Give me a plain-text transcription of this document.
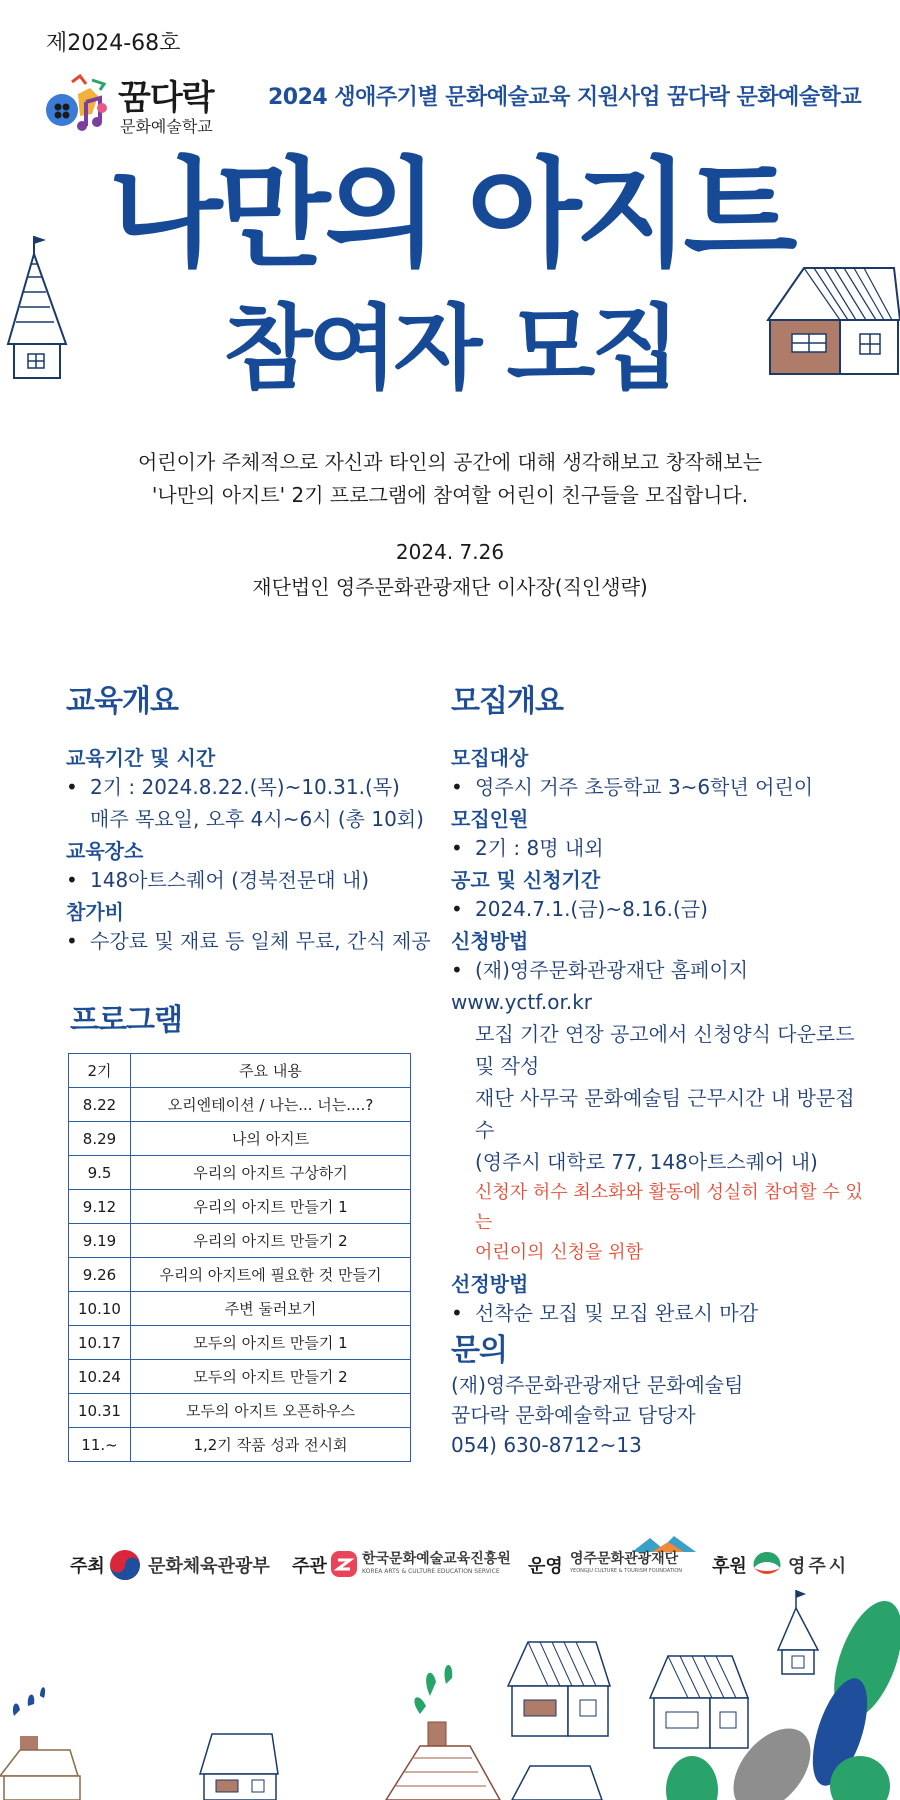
제2024-68호
꿈다락
문화예술학교
2024 생애주기별 문화예술교육 지원사업 꿈다락 문화예술학교
나만의 아지트
참여자 모집
어린이가 주체적으로 자신과 타인의 공간에 대해 생각해보고 창작해보는
'나만의 아지트' 2기 프로그램에 참여할 어린이 친구들을 모집합니다.
2024. 7.26
재단법인 영주문화관광재단 이사장(직인생략)
교육개요
교육기간 및 시간
• 2기 : 2024.8.22.(목)~10.31.(목)
매주 목요일, 오후 4시~6시 (총 10회)
교육장소
• 148아트스퀘어 (경북전문대 내)
참가비
• 수강료 및 재료 등 일체 무료, 간식 제공
프로그램
2기	주요 내용
8.22	오리엔테이션 / 나는... 너는....?
8.29	나의 아지트
9.5	우리의 아지트 구상하기
9.12	우리의 아지트 만들기 1
9.19	우리의 아지트 만들기 2
9.26	우리의 아지트에 필요한 것 만들기
10.10	주변 둘러보기
10.17	모두의 아지트 만들기 1
10.24	모두의 아지트 만들기 2
10.31	모두의 아지트 오픈하우스
11.~	1,2기 작품 성과 전시회
모집개요
모집대상
• 영주시 거주 초등학교 3~6학년 어린이
모집인원
• 2기 : 8명 내외
공고 및 신청기간
• 2024.7.1.(금)~8.16.(금)
신청방법
• (재)영주문화관광재단 홈페이지www.yctf.or.kr
모집 기간 연장 공고에서 신청양식 다운로드
및 작성
재단 사무국 문화예술팀 근무시간 내 방문접수
(영주시 대학로 77, 148아트스퀘어 내)
신청자 허수 최소화와 활동에 성실히 참여할 수 있는
어린이의 신청을 위함
선정방법
• 선착순 모집 및 모집 완료시 마감
문의
(재)영주문화관광재단 문화예술팀
꿈다락 문화예술학교 담당자
054) 630-8712~13
주최 문화체육관광부 주관	한국문화예술교육진흥원
KOREA ARTS & CULTURE EDUCATION SERVICE 운영 영주문화관광재단
YEONGJU CULTURE & TOURISM FOUNDATION 후원 영주시
